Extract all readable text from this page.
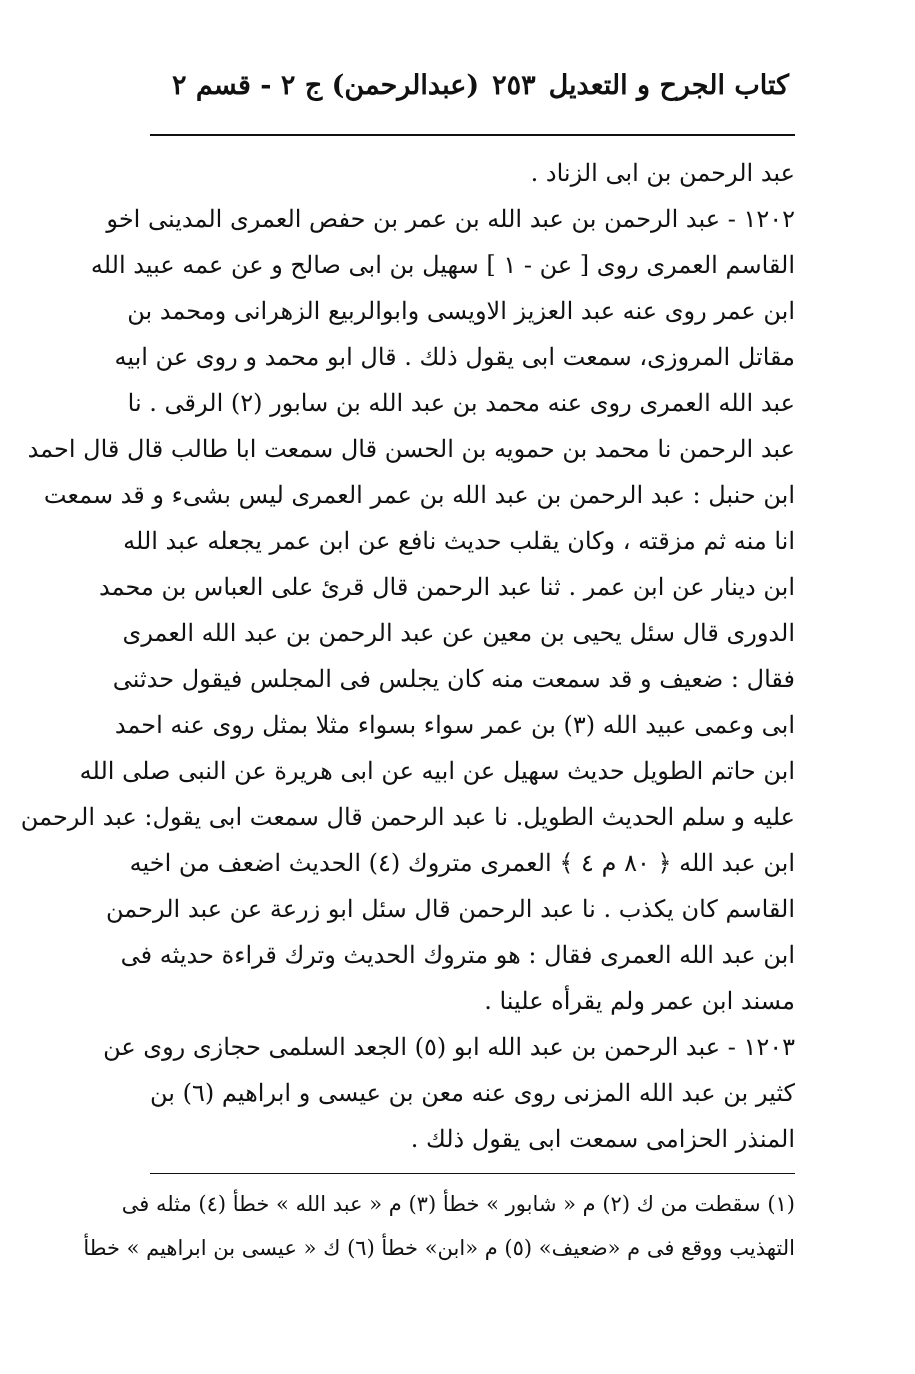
كتاب الجرح و التعديل
٢٥٣
(عبدالرحمن) ج ٢ - قسم ٢
عبد الرحمن بن ابى الزناد .
١٢٠٢ - عبد الرحمن بن عبد الله بن عمر بن حفص العمرى المدينى اخو
القاسم العمرى روى [ عن - ١ ] سهيل بن ابى صالح و عن عمه عبيد الله
ابن عمر روى عنه عبد العزيز الاويسى وابوالربيع الزهرانى ومحمد بن
مقاتل المروزى، سمعت ابى يقول ذلك . قال ابو محمد و روى عن ابيه
عبد الله العمرى روى عنه محمد بن عبد الله بن سابور (٢) الرقى . نا
عبد الرحمن نا محمد بن حمويه بن الحسن قال سمعت ابا طالب قال قال احمد
ابن حنبل : عبد الرحمن بن عبد الله بن عمر العمرى ليس بشىء و قد سمعت
انا منه ثم مزقته ، وكان يقلب حديث نافع عن ابن عمر يجعله عبد الله
ابن دينار عن ابن عمر . ثنا عبد الرحمن قال قرئ على العباس بن محمد
الدورى قال سئل يحيى بن معين عن عبد الرحمن بن عبد الله العمرى
فقال : ضعيف و قد سمعت منه كان يجلس فى المجلس فيقول حدثنى
ابى وعمى عبيد الله (٣) بن عمر سواء بسواء مثلا بمثل روى عنه احمد
ابن حاتم الطويل حديث سهيل عن ابيه عن ابى هريرة عن النبى صلى الله
عليه و سلم الحديث الطويل. نا عبد الرحمن قال سمعت ابى يقول: عبد الرحمن
ابن عبد الله ﴿ ٨٠ م ٤ ﴾ العمرى متروك (٤) الحديث اضعف من اخيه
القاسم كان يكذب . نا عبد الرحمن قال سئل ابو زرعة عن عبد الرحمن
ابن عبد الله العمرى فقال : هو متروك الحديث وترك قراءة حديثه فى
مسند ابن عمر ولم يقرأه علينا .
١٢٠٣ - عبد الرحمن بن عبد الله ابو (٥) الجعد السلمى حجازى روى عن
كثير بن عبد الله المزنى روى عنه معن بن عيسى و ابراهيم (٦) بن
المنذر الحزامى سمعت ابى يقول ذلك .
(١) سقطت من ك (٢) م « شابور » خطأ (٣) م « عبد الله » خطأ (٤) مثله فى
التهذيب ووقع فى م «ضعيف» (٥) م «ابن» خطأ (٦) ك « عيسى بن ابراهيم » خطأ
